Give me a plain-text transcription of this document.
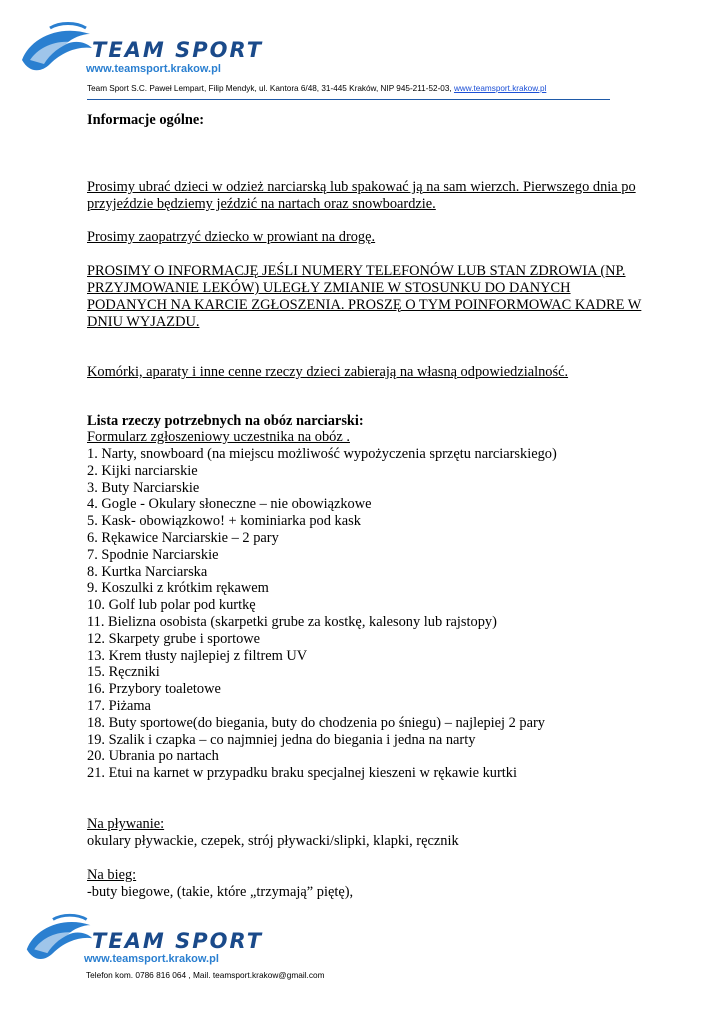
TEAM SPORT
www.teamsport.krakow.pl
Team Sport S.C. Paweł Lempart, Filip Mendyk, ul. Kantora 6/48, 31-445 Kraków, NIP 945-211-52-03, www.teamsport.krakow.pl
Informacje ogólne:
Prosimy ubrać dzieci w odzież narciarską lub spakować ją na sam wierzch. Pierwszego dnia po przyjeździe będziemy jeździć na nartach oraz snowboardzie.
Prosimy zaopatrzyć dziecko w prowiant na drogę.
PROSIMY O INFORMACJĘ JEŚLI NUMERY TELEFONÓW LUB STAN ZDROWIA (NP. PRZYJMOWANIE LEKÓW) ULEGŁY ZMIANIE W STOSUNKU DO DANYCH PODANYCH NA KARCIE ZGŁOSZENIA. PROSZĘ O TYM POINFORMOWAC KADRE W DNIU WYJAZDU.
Komórki, aparaty i inne cenne rzeczy dzieci zabierają na własną odpowiedzialność.
Lista rzeczy potrzebnych na obóz narciarski:
Formularz zgłoszeniowy uczestnika na obóz .
1. Narty, snowboard (na miejscu możliwość wypożyczenia sprzętu narciarskiego)
2. Kijki narciarskie
3. Buty Narciarskie
4. Gogle - Okulary słoneczne – nie obowiązkowe
5. Kask- obowiązkowo! + kominiarka pod kask
6. Rękawice Narciarskie – 2 pary
7. Spodnie Narciarskie
8. Kurtka Narciarska
9. Koszulki z krótkim rękawem
10. Golf lub polar pod kurtkę
11. Bielizna osobista (skarpetki grube za kostkę, kalesony lub rajstopy)
12. Skarpety grube i sportowe
13. Krem tłusty najlepiej z filtrem UV
15. Ręczniki
16. Przybory toaletowe
17. Piżama
18. Buty sportowe(do biegania, buty do chodzenia po śniegu) – najlepiej 2 pary
19. Szalik i czapka – co najmniej jedna do biegania i jedna na narty
20. Ubrania po nartach
21. Etui na karnet w przypadku braku specjalnej kieszeni w rękawie kurtki
Na pływanie:
okulary pływackie, czepek, strój pływacki/slipki, klapki, ręcznik
Na bieg:
-buty biegowe, (takie, które „trzymają” piętę),
TEAM SPORT
www.teamsport.krakow.pl
Telefon kom. 0786 816 064 , Mail. teamsport.krakow@gmail.com
